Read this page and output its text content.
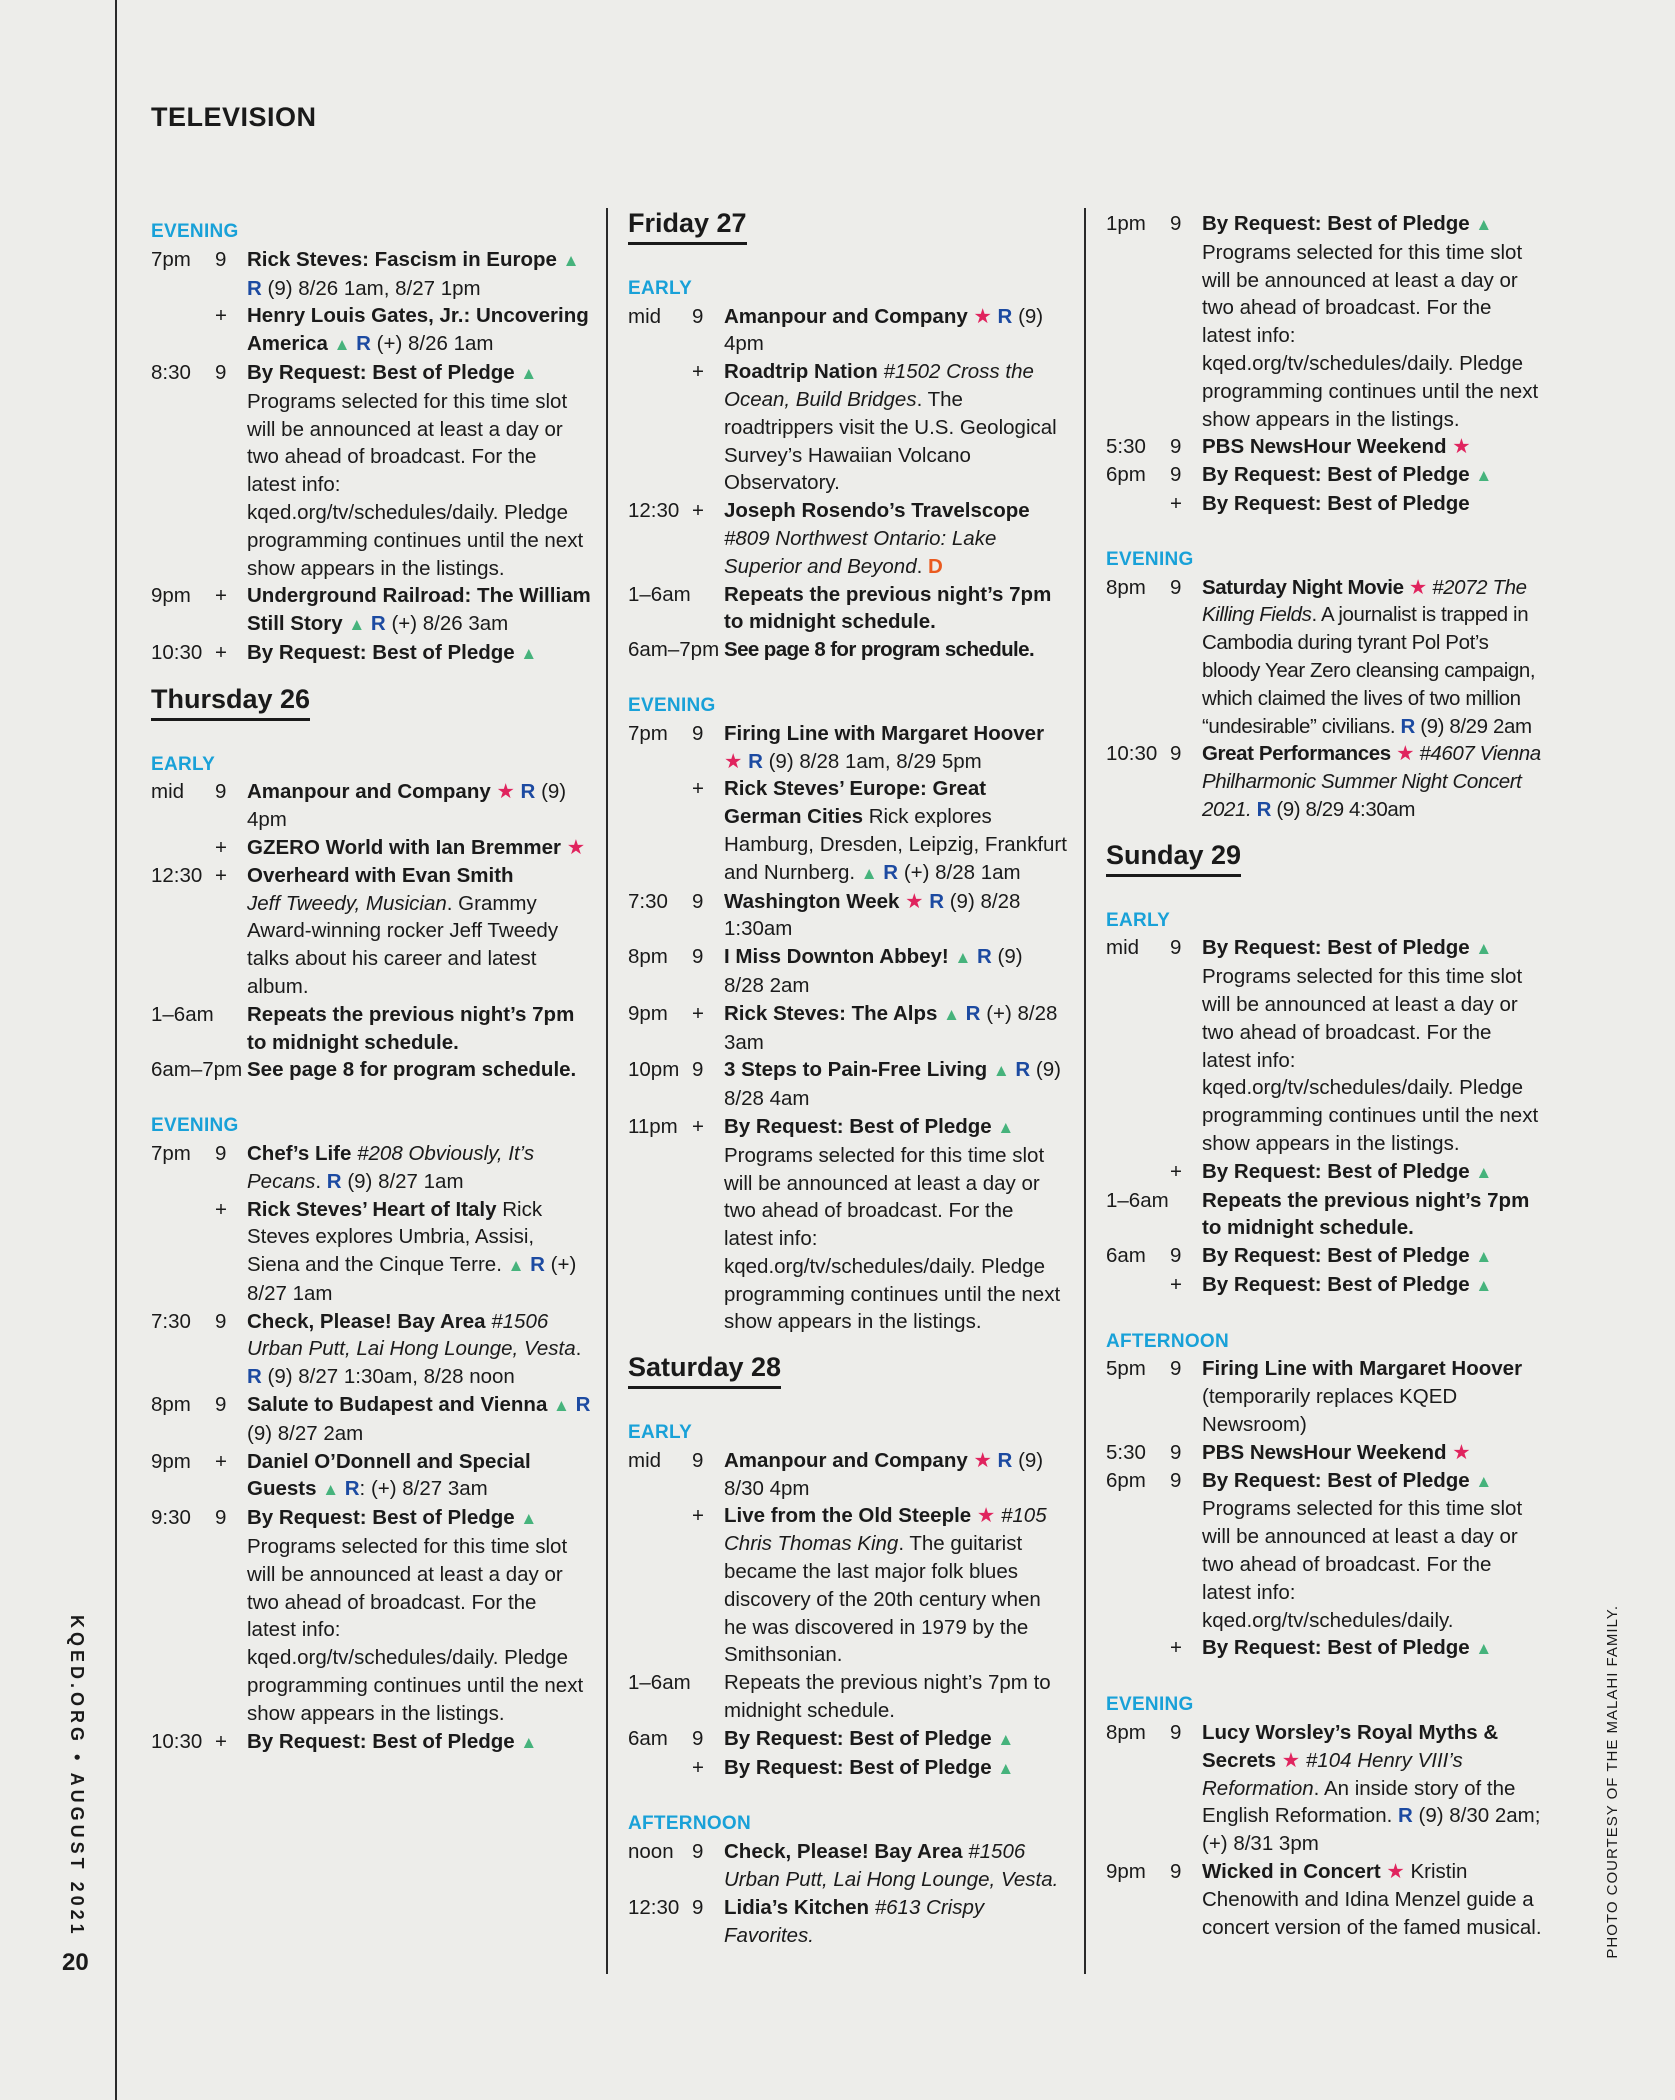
TELEVISION
EVENING
7pm	9	Rick Steves: Fascism in Europe ▲ R (9) 8/26 1am, 8/27 1pm
+ Henry Louis Gates, Jr.: Uncovering America ▲ R (+) 8/26 1am
8:30	9	By Request: Best of Pledge ▲ Programs selected for this time slot will be announced at least a day or two ahead of broadcast. For the latest info: kqed.org/tv/schedules/daily. Pledge programming continues until the next show appears in the listings.
9pm	+ Underground Railroad: The William Still Story ▲ R (+) 8/26 3am
10:30 + By Request: Best of Pledge ▲
Thursday 26
EARLY
mid	9	Amanpour and Company ★ R (9) 4pm
+ GZERO World with Ian Bremmer ★
12:30 + Overheard with Evan Smith
Jeff Tweedy, Musician. Grammy Award-winning rocker Jeff Tweedy talks about his career and latest album.
1–6am Repeats the previous night’s 7pm to midnight schedule.
6am–7pm See page 8 for program schedule.
EVENING
7pm	9	Chef’s Life #208 Obviously, It’s Pecans. R (9) 8/27 1am
+ Rick Steves’ Heart of Italy Rick Steves explores Umbria, Assisi, Siena and the Cinque Terre. ▲ R (+) 8/27 1am
7:30	9	Check, Please! Bay Area #1506 Urban Putt, Lai Hong Lounge, Vesta. R (9) 8/27 1:30am, 8/28 noon
8pm	9	Salute to Budapest and Vienna ▲ R (9) 8/27 2am
9pm	+ Daniel O’Donnell and Special Guests ▲ R: (+) 8/27 3am
9:30	9	By Request: Best of Pledge ▲ Programs selected for this time slot will be announced at least a day or two ahead of broadcast. For the latest info: kqed.org/tv/schedules/daily. Pledge programming continues until the next show appears in the listings.
10:30 + By Request: Best of Pledge ▲
Friday 27
EARLY
mid	9	Amanpour and Company ★ R (9) 4pm
+ Roadtrip Nation #1502 Cross the Ocean, Build Bridges. The roadtrippers visit the U.S. Geological Survey’s Hawaiian Volcano Observatory.
12:30 + Joseph Rosendo’s Travelscope #809 Northwest Ontario: Lake Superior and Beyond. D
1–6am Repeats the previous night’s 7pm to midnight schedule.
6am–7pm See page 8 for program schedule.
EVENING
7pm	9	Firing Line with Margaret Hoover ★ R (9) 8/28 1am, 8/29 5pm
+ Rick Steves’ Europe: Great German Cities Rick explores Hamburg, Dresden, Leipzig, Frankfurt and Nurnberg. ▲ R (+) 8/28 1am
7:30	9	Washington Week ★ R (9) 8/28 1:30am
8pm	9	I Miss Downton Abbey! ▲ R (9) 8/28 2am
9pm	+ Rick Steves: The Alps ▲ R (+) 8/28 3am
10pm 9	3 Steps to Pain-Free Living ▲ R (9) 8/28 4am
11pm + By Request: Best of Pledge ▲ Programs selected for this time slot will be announced at least a day or two ahead of broadcast. For the latest info: kqed.org/tv/schedules/daily. Pledge programming continues until the next show appears in the listings.
Saturday 28
EARLY
mid	9	Amanpour and Company ★ R (9) 8/30 4pm
+ Live from the Old Steeple ★ #105 Chris Thomas King. The guitarist became the last major folk blues discovery of the 20th century when he was discovered in 1979 by the Smithsonian.
1–6am Repeats the previous night’s 7pm to midnight schedule.
6am	9	By Request: Best of Pledge ▲
+ By Request: Best of Pledge ▲
AFTERNOON
noon 9	Check, Please! Bay Area #1506 Urban Putt, Lai Hong Lounge, Vesta.
12:30 9	Lidia’s Kitchen #613 Crispy Favorites.
1pm	9	By Request: Best of Pledge ▲ Programs selected for this time slot will be announced at least a day or two ahead of broadcast. For the latest info: kqed.org/tv/schedules/daily. Pledge programming continues until the next show appears in the listings.
5:30	9	PBS NewsHour Weekend ★
6pm	9	By Request: Best of Pledge ▲
+ By Request: Best of Pledge
EVENING
8pm	9	Saturday Night Movie ★ #2072 The Killing Fields. A journalist is trapped in Cambodia during tyrant Pol Pot’s bloody Year Zero cleansing campaign, which claimed the lives of two million “undesirable” civilians. R (9) 8/29 2am
10:30 9	Great Performances ★ #4607 Vienna Philharmonic Summer Night Concert 2021. R (9) 8/29 4:30am
Sunday 29
EARLY
mid	9	By Request: Best of Pledge ▲ Programs selected for this time slot will be announced at least a day or two ahead of broadcast. For the latest info: kqed.org/tv/schedules/daily. Pledge programming continues until the next show appears in the listings.
+ By Request: Best of Pledge ▲
1–6am Repeats the previous night’s 7pm to midnight schedule.
6am	9	By Request: Best of Pledge ▲
+ By Request: Best of Pledge ▲
AFTERNOON
5pm	9	Firing Line with Margaret Hoover (temporarily replaces KQED Newsroom)
5:30	9	PBS NewsHour Weekend ★
6pm	9	By Request: Best of Pledge ▲ Programs selected for this time slot will be announced at least a day or two ahead of broadcast. For the latest info: kqed.org/tv/schedules/daily.
+ By Request: Best of Pledge ▲
EVENING
8pm	9	Lucy Worsley’s Royal Myths & Secrets ★ #104 Henry VIII’s Reformation. An inside story of the English Reformation. R (9) 8/30 2am; (+) 8/31 3pm
9pm	9	Wicked in Concert ★ Kristin Chenowith and Idina Menzel guide a concert version of the famed musical.
KQED.ORG • AUGUST 2021
20
PHOTO COURTESY OF THE MALAHI FAMILY.
